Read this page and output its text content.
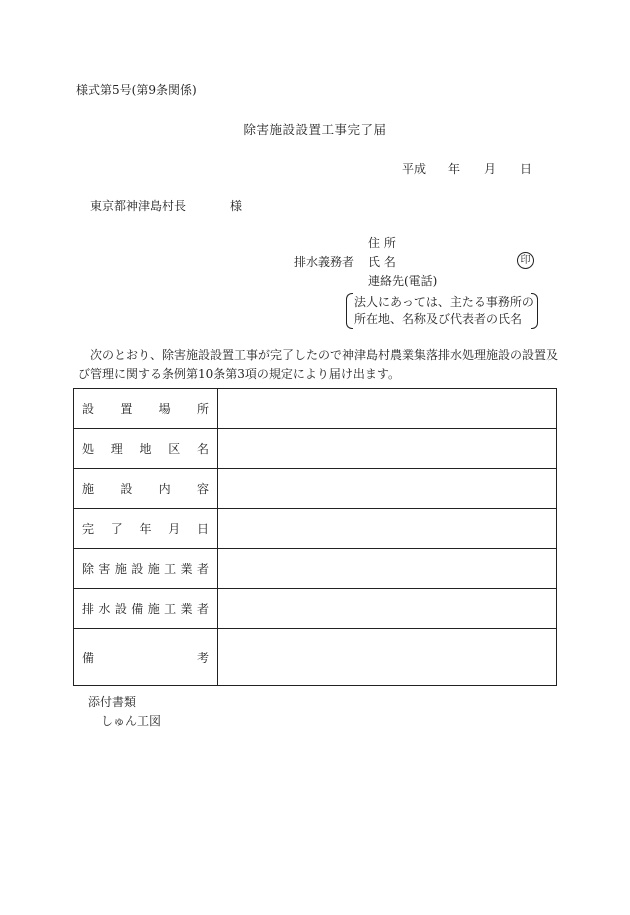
様式第5号(第9条関係)
除害施設設置工事完了届
平成 年 月 日
東京都神津島村長	様
排水義務者
住 所
氏 名	印
連絡先(電話)
法人にあっては、主たる事務所の
所在地、名称及び代表者の氏名
次のとおり、除害施設設置工事が完了したので神津島村農業集落排水処理施設の設置及び管理に関する条例第10条第3項の規定により届け出ます。
設置場所	
処理地区名	
施設内容	
完了年月日	
除害施設施工業者	
排水設備施工業者	
備考	
添付書類
しゅん工図
